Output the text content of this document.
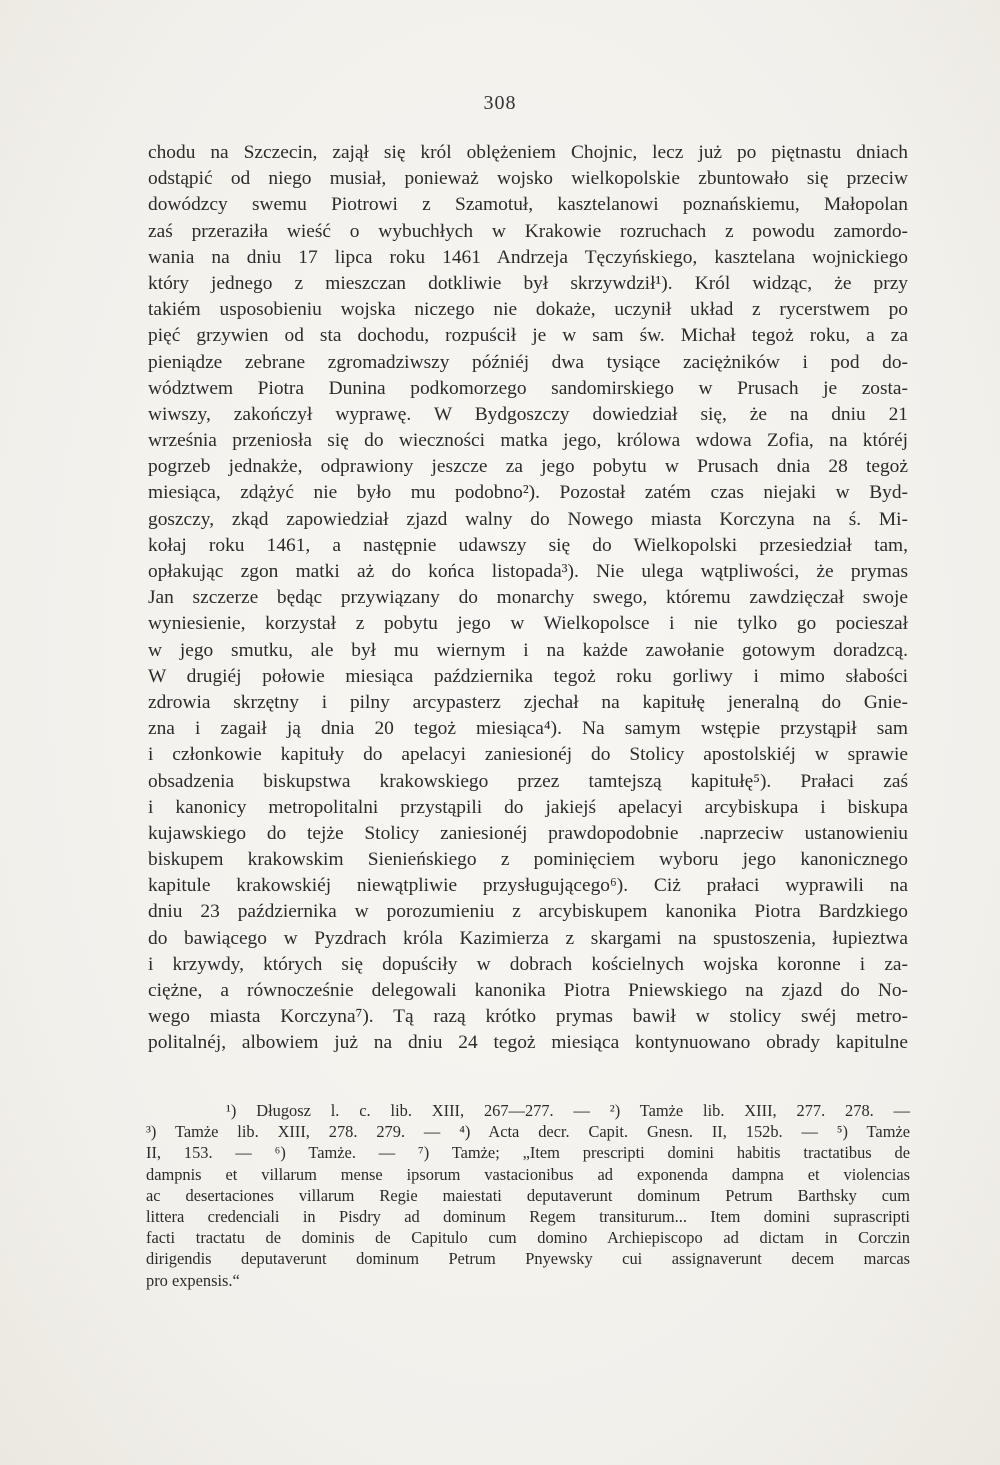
308
chodu na Szczecin, zajął się król oblężeniem Chojnic, lecz już po piętnastu dniach
odstąpić od niego musiał, ponieważ wojsko wielkopolskie zbuntowało się przeciw
dowódzcy swemu Piotrowi z Szamotuł, kasztelanowi poznańskiemu, Małopolan
zaś przeraziła wieść o wybuchłych w Krakowie rozruchach z powodu zamordo-
wania na dniu 17 lipca roku 1461 Andrzeja Tęczyńskiego, kasztelana wojnickiego
który jednego z mieszczan dotkliwie był skrzywdził¹). Król widząc, że przy
takiém usposobieniu wojska niczego nie dokaże, uczynił układ z rycerstwem po
pięć grzywien od sta dochodu, rozpuścił je w sam św. Michał tegoż roku, a za
pieniądze zebrane zgromadziwszy późniéj dwa tysiące zaciężników i pod do-
wództwem Piotra Dunina podkomorzego sandomirskiego w Prusach je zosta-
wiwszy, zakończył wyprawę. W Bydgoszczy dowiedział się, że na dniu 21
września przeniosła się do wieczności matka jego, królowa wdowa Zofia, na któréj
pogrzeb jednakże, odprawiony jeszcze za jego pobytu w Prusach dnia 28 tegoż
miesiąca, zdążyć nie było mu podobno²). Pozostał zatém czas niejaki w Byd-
goszczy, zkąd zapowiedział zjazd walny do Nowego miasta Korczyna na ś. Mi-
kołaj roku 1461, a następnie udawszy się do Wielkopolski przesiedział tam,
opłakując zgon matki aż do końca listopada³). Nie ulega wątpliwości, że prymas
Jan szczerze będąc przywiązany do monarchy swego, któremu zawdzięczał swoje
wyniesienie, korzystał z pobytu jego w Wielkopolsce i nie tylko go pocieszał
w jego smutku, ale był mu wiernym i na każde zawołanie gotowym doradzcą.
W drugiéj połowie miesiąca października tegoż roku gorliwy i mimo słabości
zdrowia skrzętny i pilny arcypasterz zjechał na kapitułę jeneralną do Gnie-
zna i zagaił ją dnia 20 tegoż miesiąca⁴). Na samym wstępie przystąpił sam
i członkowie kapituły do apelacyi zaniesionéj do Stolicy apostolskiéj w sprawie
obsadzenia biskupstwa krakowskiego przez tamtejszą kapitułę⁵). Prałaci zaś
i kanonicy metropolitalni przystąpili do jakiejś apelacyi arcybiskupa i biskupa
kujawskiego do tejże Stolicy zaniesionéj prawdopodobnie .naprzeciw ustanowieniu
biskupem krakowskim Sienieńskiego z pominięciem wyboru jego kanonicznego
kapitule krakowskiéj niewątpliwie przysługującego⁶). Ciż prałaci wyprawili na
dniu 23 października w porozumieniu z arcybiskupem kanonika Piotra Bardzkiego
do bawiącego w Pyzdrach króla Kazimierza z skargami na spustoszenia, łupieztwa
i krzywdy, których się dopuściły w dobrach kościelnych wojska koronne i za-
ciężne, a równocześnie delegowali kanonika Piotra Pniewskiego na zjazd do No-
wego miasta Korczyna⁷). Tą razą krótko prymas bawił w stolicy swéj metro-
politalnéj, albowiem już na dniu 24 tegoż miesiąca kontynuowano obrady kapitulne
¹) Długosz l. c. lib. XIII, 267—277. — ²) Tamże lib. XIII, 277. 278. —
³) Tamże lib. XIII, 278. 279. — ⁴) Acta decr. Capit. Gnesn. II, 152b. — ⁵) Tamże
II, 153. — ⁶) Tamże. — ⁷) Tamże; „Item prescripti domini habitis tractatibus de
dampnis et villarum mense ipsorum vastacionibus ad exponenda dampna et violencias
ac desertaciones villarum Regie maiestati deputaverunt dominum Petrum Barthsky cum
littera credenciali in Pisdry ad dominum Regem transiturum... Item domini suprascripti
facti tractatu de dominis de Capitulo cum domino Archiepiscopo ad dictam in Corczin
dirigendis deputaverunt dominum Petrum Pnyewsky cui assignaverunt decem marcas
pro expensis.“
